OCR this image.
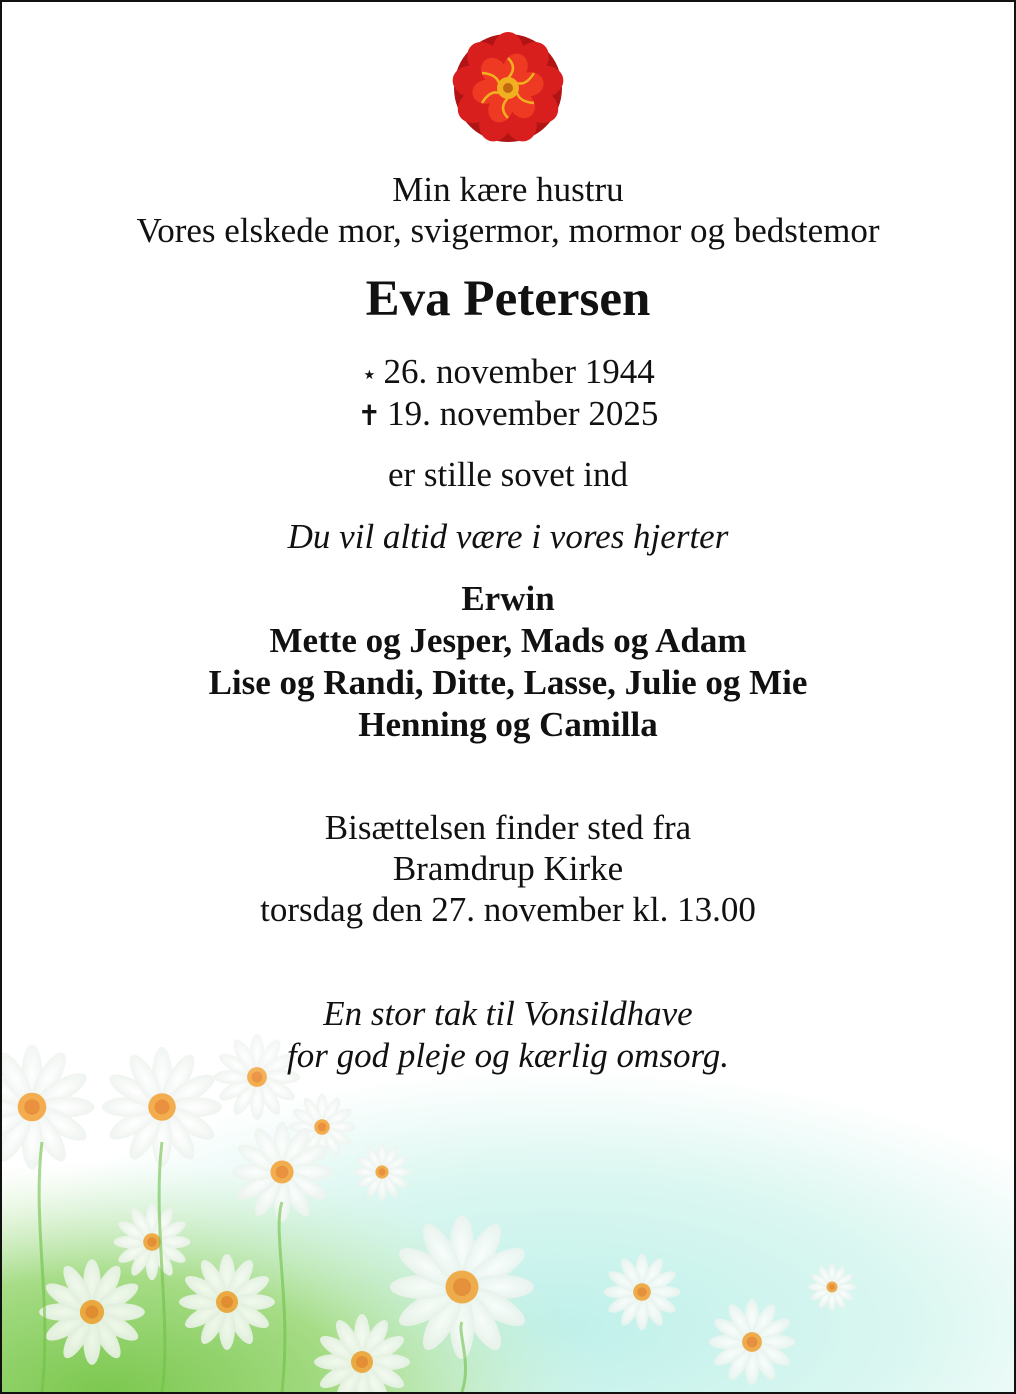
Min kære hustru
Vores elskede mor, svigermor, mormor og bedstemor
Eva Petersen
⋆ 26. november 1944
✝ 19. november 2025
er stille sovet ind
Du vil altid være i vores hjerter
Erwin
Mette og Jesper, Mads og Adam
Lise og Randi, Ditte, Lasse, Julie og Mie
Henning og Camilla
Bisættelsen finder sted fra
Bramdrup Kirke
torsdag den 27. november kl. 13.00
En stor tak til Vonsildhave
for god pleje og kærlig omsorg.
